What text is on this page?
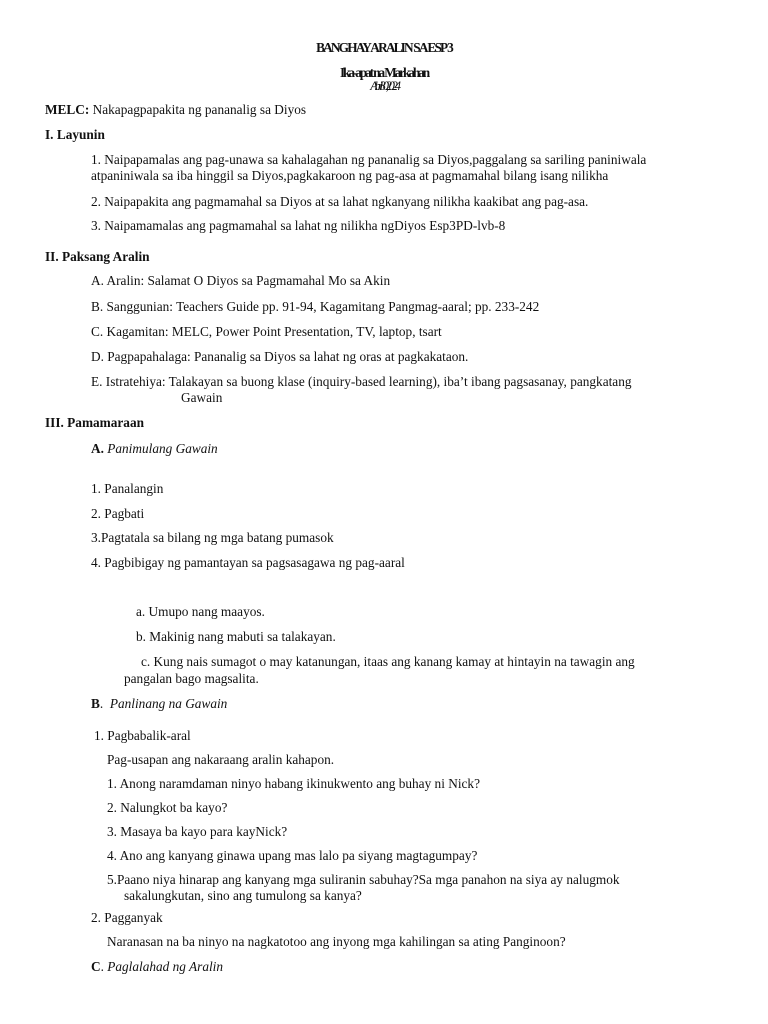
BANGHAY ARALIN SA ESP 3
Ika-apat na Markahan
Abril 30,2024
MELC: Nakapagpapakita ng pananalig sa Diyos
I. Layunin
1. Naipapamalas ang pag-unawa sa kahalagahan ng pananalig sa Diyos,paggalang sa sariling paniniwala
atpaniniwala sa iba hinggil sa Diyos,pagkakaroon ng pag-asa at pagmamahal bilang isang nilikha
2. Naipapakita ang pagmamahal sa Diyos at sa lahat ngkanyang nilikha kaakibat ang pag-asa.
3. Naipamamalas ang pagmamahal sa lahat ng nilikha ngDiyos Esp3PD-lvb-8
II. Paksang Aralin
A. Aralin: Salamat O Diyos sa Pagmamahal Mo sa Akin
B. Sanggunian: Teachers Guide pp. 91-94, Kagamitang Pangmag-aaral; pp. 233-242
C. Kagamitan: MELC, Power Point Presentation, TV, laptop, tsart
D. Pagpapahalaga: Pananalig sa Diyos sa lahat ng oras at pagkakataon.
E. Istratehiya: Talakayan sa buong klase (inquiry-based learning), iba’t ibang pagsasanay, pangkatang
Gawain
III. Pamamaraan
A. Panimulang Gawain
1. Panalangin
2. Pagbati
3.Pagtatala sa bilang ng mga batang pumasok
4. Pagbibigay ng pamantayan sa pagsasagawa ng pag-aaral
a. Umupo nang maayos.
b. Makinig nang mabuti sa talakayan.
c. Kung nais sumagot o may katanungan, itaas ang kanang kamay at hintayin na tawagin ang
pangalan bago magsalita.
B.  Panlinang na Gawain
1. Pagbabalik-aral
Pag-usapan ang nakaraang aralin kahapon.
1. Anong naramdaman ninyo habang ikinukwento ang buhay ni Nick?
2. Nalungkot ba kayo?
3. Masaya ba kayo para kayNick?
4. Ano ang kanyang ginawa upang mas lalo pa siyang magtagumpay?
5.Paano niya hinarap ang kanyang mga suliranin sabuhay?Sa mga panahon na siya ay nalugmok
sakalungkutan, sino ang tumulong sa kanya?
2. Pagganyak
Naranasan na ba ninyo na nagkatotoo ang inyong mga kahilingan sa ating Panginoon?
C. Paglalahad ng Aralin
